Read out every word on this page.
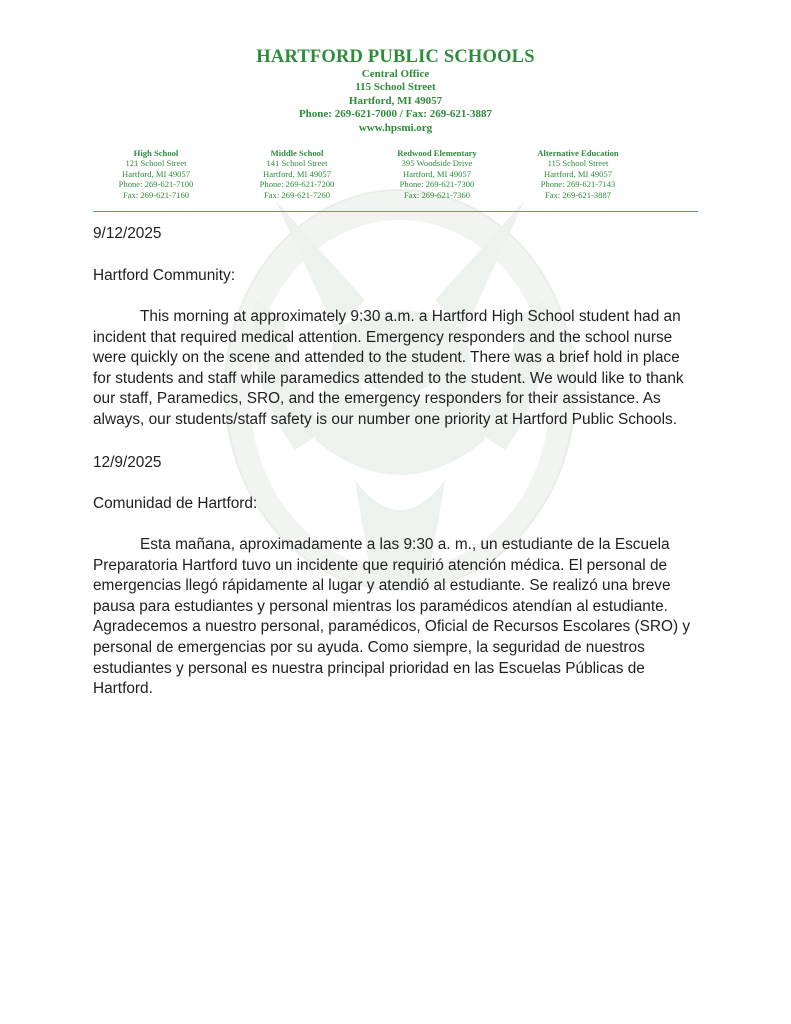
HARTFORD PUBLIC SCHOOLS
Central Office
115 School Street
Hartford, MI 49057
Phone: 269-621-7000 / Fax: 269-621-3887
www.hpsmi.org
High School
121 School Street
Hartford, MI 49057
Phone: 269-621-7100
Fax: 269-621-7160
Middle School
141 School Street
Hartford, MI 49057
Phone: 269-621-7200
Fax: 269-621-7260
Redwood Elementary
395 Woodside Drive
Hartford, MI 49057
Phone: 269-621-7300
Fax: 269-621-7360
Alternative Education
115 School Street
Hartford, MI 49057
Phone: 269-621-7143
Fax: 269-621-3887

9/12/2025

Hartford Community:

This morning at approximately 9:30 a.m. a Hartford High School student had an
incident that required medical attention. Emergency responders and the school nurse
were quickly on the scene and attended to the student. There was a brief hold in place
for students and staff while paramedics attended to the student. We would like to thank
our staff, Paramedics, SRO, and the emergency responders for their assistance. As
always, our students/staff safety is our number one priority at Hartford Public Schools.

12/9/2025

Comunidad de Hartford:

Esta mañana, aproximadamente a las 9:30 a. m., un estudiante de la Escuela
Preparatoria Hartford tuvo un incidente que requirió atención médica. El personal de
emergencias llegó rápidamente al lugar y atendió al estudiante. Se realizó una breve
pausa para estudiantes y personal mientras los paramédicos atendían al estudiante.
Agradecemos a nuestro personal, paramédicos, Oficial de Recursos Escolares (SRO) y
personal de emergencias por su ayuda. Como siempre, la seguridad de nuestros
estudiantes y personal es nuestra principal prioridad en las Escuelas Públicas de
Hartford.
